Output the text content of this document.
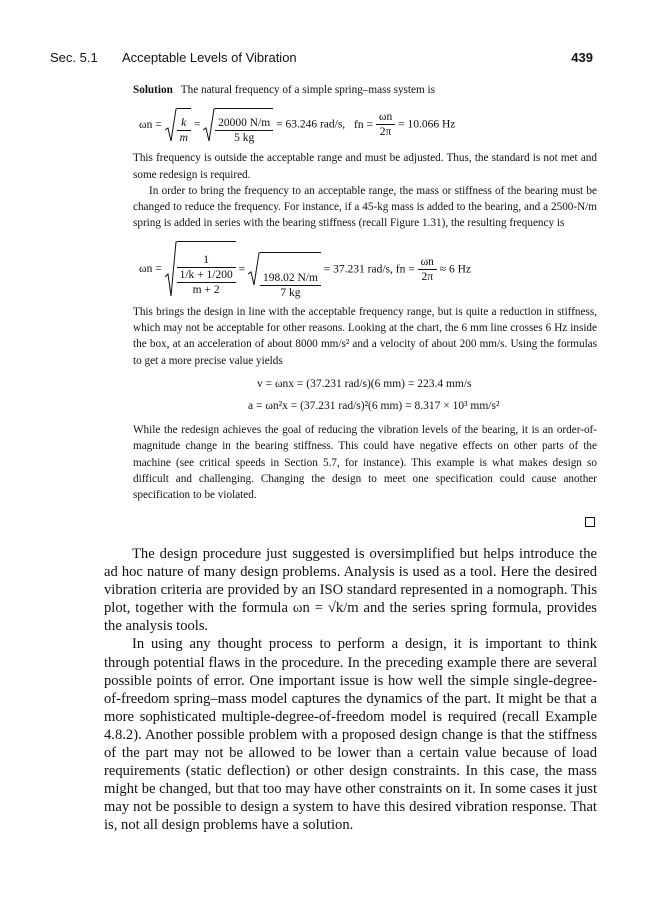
Sec. 5.1 Acceptable Levels of Vibration	439

Solution The natural frequency of a simple spring–mass system is

$\omega n = \frac{k}{m} = \frac{20000 N/m}{5 kg} = 63.246$ rad/s, fn = $\frac{\omega n}{2\pi} = 10.066$ Hz

This frequency is outside the acceptable range and must be adjusted. Thus, the standard is not met and some redesign is required.

In order to bring the frequency to an acceptable range, the mass or stiffness of the bearing must be changed to reduce the frequency. For instance, if a 45-kg mass is added to the bearing, and a 2500-N/m spring is added in series with the bearing stiffness (recall Figure 1.31), the resulting frequency is

$\omega n = \frac{\frac{1}{1/k + 1/200}}{m + 2}$ =
$\frac{198.02 N/m}{7 kg}$
= 37.231 rad/s, fn = $\frac{\omega n}{2\pi} \approx 6$ Hz

This brings the design in line with the acceptable frequency range, but is quite a reduction in stiffness, which may not be acceptable for other reasons. Looking at the chart, the 6 mm line crosses 6 Hz inside the box, at an acceleration of about 8000 mm/s² and a velocity of about 200 mm/s. Using the formulas to get a more precise value yields

v = ωnx = (37.231 rad/s)(6 mm) = 223.4 mm/s
a = ωn²x = (37.231 rad/s)²(6 mm) = 8.317 × 10³ mm/s²

While the redesign achieves the goal of reducing the vibration levels of the bearing, it is an order-of-magnitude change in the bearing stiffness. This could have negative effects on other parts of the machine (see critical speeds in Section 5.7, for instance). This example is what makes design so difficult and challenging. Changing the design to meet one specification could cause another specification to be violated.

The design procedure just suggested is oversimplified but helps introduce the ad hoc nature of many design problems. Analysis is used as a tool. Here the desired vibration criteria are provided by an ISO standard represented in a nomograph. This plot, together with the formula ωn = √k/m and the series spring formula, provides the analysis tools.

In using any thought process to perform a design, it is important to think through potential flaws in the procedure. In the preceding example there are several possible points of error. One important issue is how well the simple single-degree-of-freedom spring–mass model captures the dynamics of the part. It might be that a more sophisticated multiple-degree-of-freedom model is required (recall Example 4.8.2). Another possible problem with a proposed design change is that the stiffness of the part may not be allowed to be lower than a certain value because of load requirements (static deflection) or other design constraints. In this case, the mass might be changed, but that too may have other constraints on it. In some cases it just may not be possible to design a system to have this desired vibration response. That is, not all design problems have a solution.
